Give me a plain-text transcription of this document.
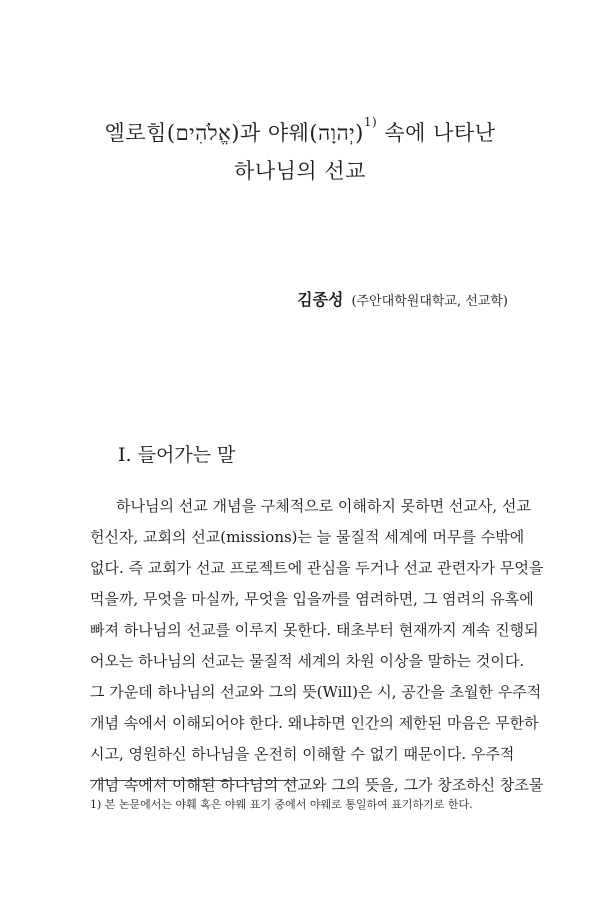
엘로힘(אֱלֹהִים)과 야웨(יְהוָה)$^{1)}$ 속에 나타난
하나님의 선교
김종성 (주안대학원대학교, 선교학)
I. 들어가는 말
하나님의 선교 개념을 구체적으로 이해하지 못하면 선교사, 선교
헌신자, 교회의 선교(missions)는 늘 물질적 세계에 머무를 수밖에
없다. 즉 교회가 선교 프로젝트에 관심을 두거나 선교 관련자가 무엇을
먹을까, 무엇을 마실까, 무엇을 입을까를 염려하면, 그 염려의 유혹에
빠져 하나님의 선교를 이루지 못한다. 태초부터 현재까지 계속 진행되
어오는 하나님의 선교는 물질적 세계의 차원 이상을 말하는 것이다.
그 가운데 하나님의 선교와 그의 뜻(Will)은 시, 공간을 초월한 우주적
개념 속에서 이해되어야 한다. 왜냐하면 인간의 제한된 마음은 무한하
시고, 영원하신 하나님을 온전히 이해할 수 없기 때문이다. 우주적
개념 속에서 이해된 하나님의 선교와 그의 뜻을, 그가 창조하신 창조물
1) 본 논문에서는 야훼 혹은 야웨 표기 중에서 야웨로 통일하여 표기하기로 한다.
